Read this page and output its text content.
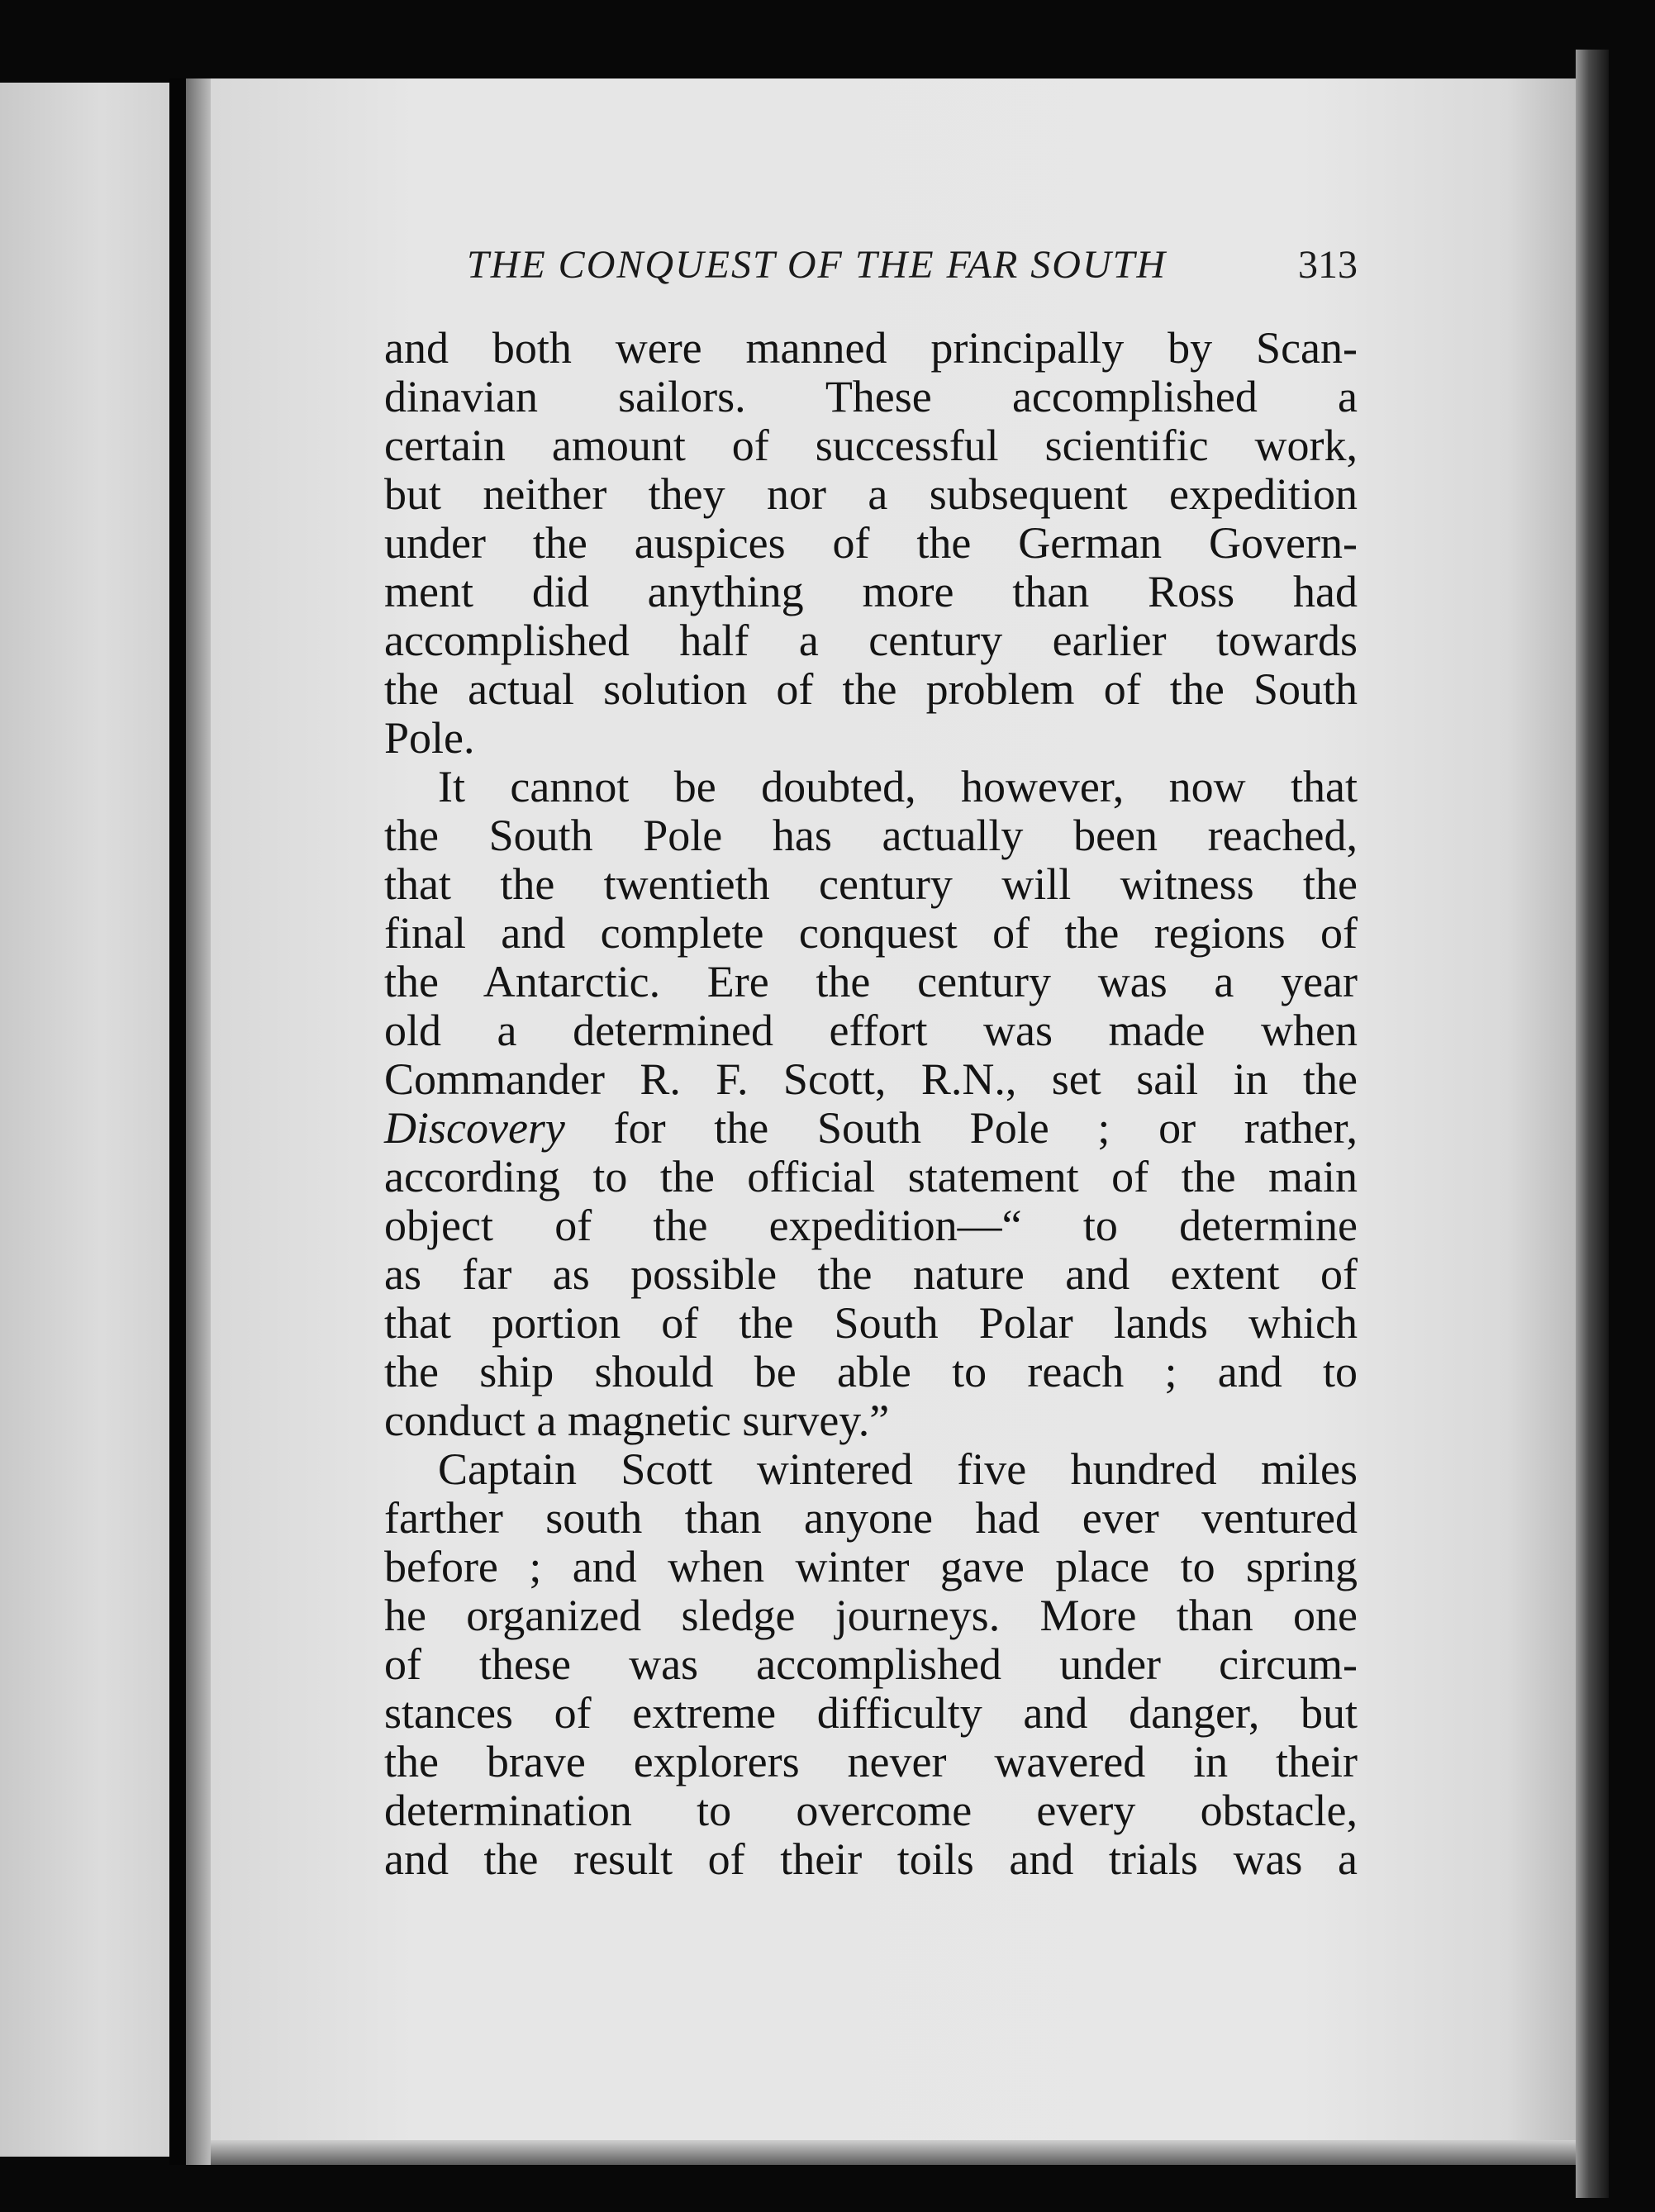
THE CONQUEST OF THE FAR SOUTH	313
and both were manned principally by Scan-
dinavian sailors. These accomplished a
certain amount of successful scientific work,
but neither they nor a subsequent expedition
under the auspices of the German Govern-
ment did anything more than Ross had
accomplished half a century earlier towards
the actual solution of the problem of the South
Pole.
It cannot be doubted, however, now that
the South Pole has actually been reached,
that the twentieth century will witness the
final and complete conquest of the regions of
the Antarctic. Ere the century was a year
old a determined effort was made when
Commander R. F. Scott, R.N., set sail in the
Discovery for the South Pole ; or rather,
according to the official statement of the main
object of the expedition—“ to determine
as far as possible the nature and extent of
that portion of the South Polar lands which
the ship should be able to reach ; and to
conduct a magnetic survey.”
Captain Scott wintered five hundred miles
farther south than anyone had ever ventured
before ; and when winter gave place to spring
he organized sledge journeys. More than one
of these was accomplished under circum-
stances of extreme difficulty and danger, but
the brave explorers never wavered in their
determination to overcome every obstacle,
and the result of their toils and trials was a
